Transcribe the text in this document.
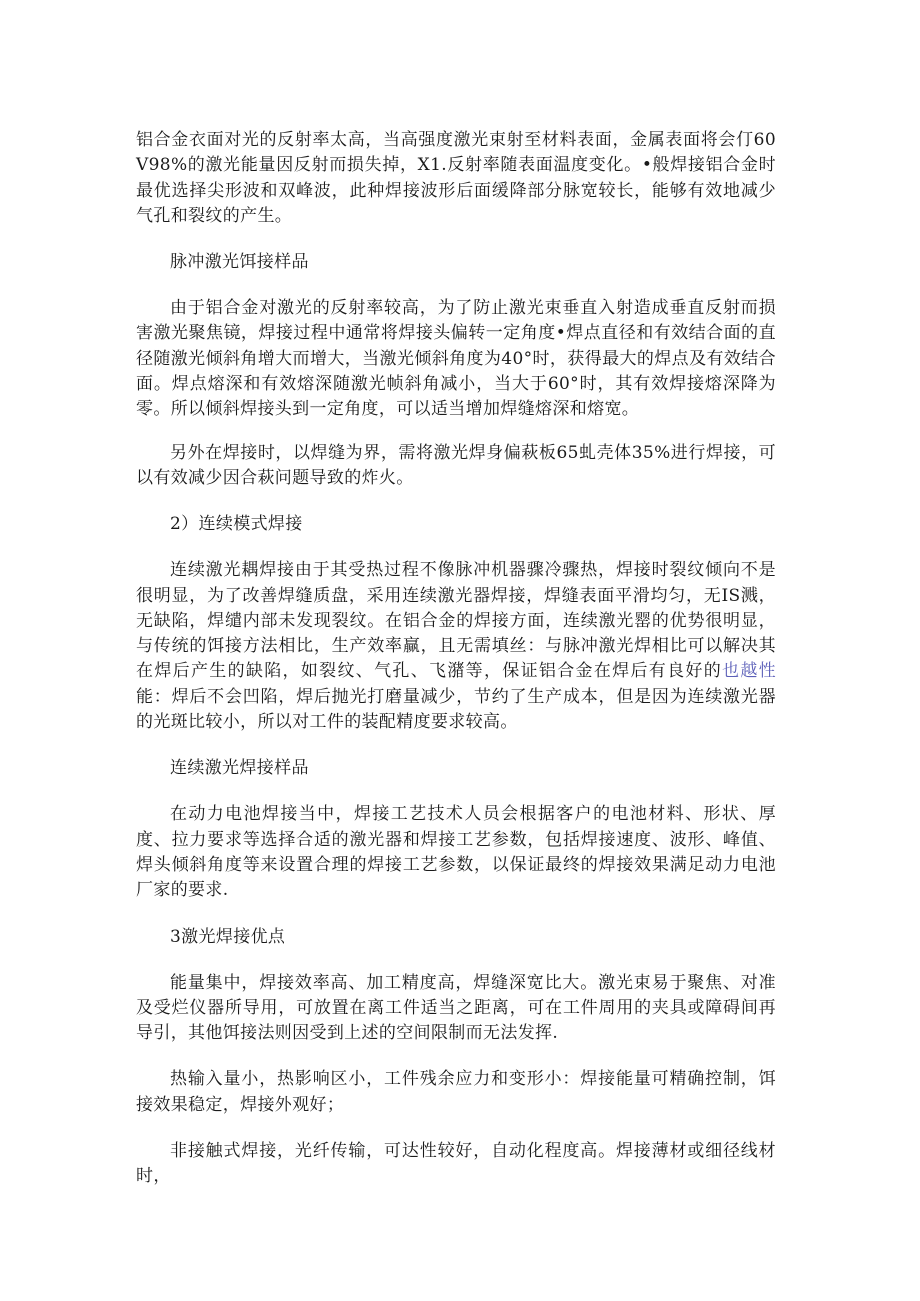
铝合金衣面对光的反射率太高，当高强度激光束射至材料表面，金属表面将会仃60V98%的激光能量因反射而损失掉，X1.反射率随表面温度变化。•般焊接铝合金时最优选择尖形波和双峰波，此种焊接波形后面缓降部分脉宽较长，能够有效地减少气孔和裂纹的产生。

脉冲激光饵接样品

由于铝合金对激光的反射率较高，为了防止激光束垂直入射造成垂直反射而损害激光聚焦镜，焊接过程中通常将焊接头偏转一定角度•焊点直径和有效结合面的直径随激光倾斜角增大而增大，当激光倾斜角度为40°时，获得最大的焊点及有效结合面。焊点熔深和有效熔深随激光帧斜角减小，当大于60°时，其有效焊接熔深降为零。所以倾斜焊接头到一定角度，可以适当增加焊缝熔深和熔宽。

另外在焊接时，以焊缝为界，需将激光焊身偏萩板65虬壳体35%进行焊接，可以有效减少因合萩问题导致的炸火。

2）连续模式焊接

连续激光耦焊接由于其受热过程不像脉冲机器骤冷骤热，焊接时裂纹倾向不是很明显，为了改善焊缝质盘，采用连续激光器焊接，焊缝表面平滑均匀，无IS溅，无缺陷，焊缱内部未发现裂纹。在铝合金的焊接方面，连续激光罂的优势很明显，与传统的饵接方法相比，生产效率赢，且无需填丝：与脉冲激光焊相比可以解决其在焊后产生的缺陷，如裂纹、气孔、飞潴等，保证铝合金在焊后有良好的也越性能：焊后不会凹陷，焊后抛光打磨量减少，节约了生产成本，但是因为连续激光器的光斑比较小，所以对工件的装配精度要求较高。

连续激光焊接样品

在动力电池焊接当中，焊接工艺技术人员会根据客户的电池材料、形状、厚度、拉力要求等选择合适的激光器和焊接工艺参数，包括焊接速度、波形、峰值、焊头倾斜角度等来设置合理的焊接工艺参数，以保证最终的焊接效果满足动力电池厂家的要求.

3激光焊接优点

能量集中，焊接效率高、加工精度高，焊缝深宽比大。激光束易于聚焦、对准及受烂仪器所导用，可放置在离工件适当之距离，可在工件周用的夹具或障碍间再导引，其他饵接法则因受到上述的空间限制而无法发挥.

热输入量小，热影响区小，工件残余应力和变形小：焊接能量可精确控制，饵接效果稳定，焊接外观好；

非接触式焊接，光纤传输，可达性较好，自动化程度高。焊接薄材或细径线材时，
